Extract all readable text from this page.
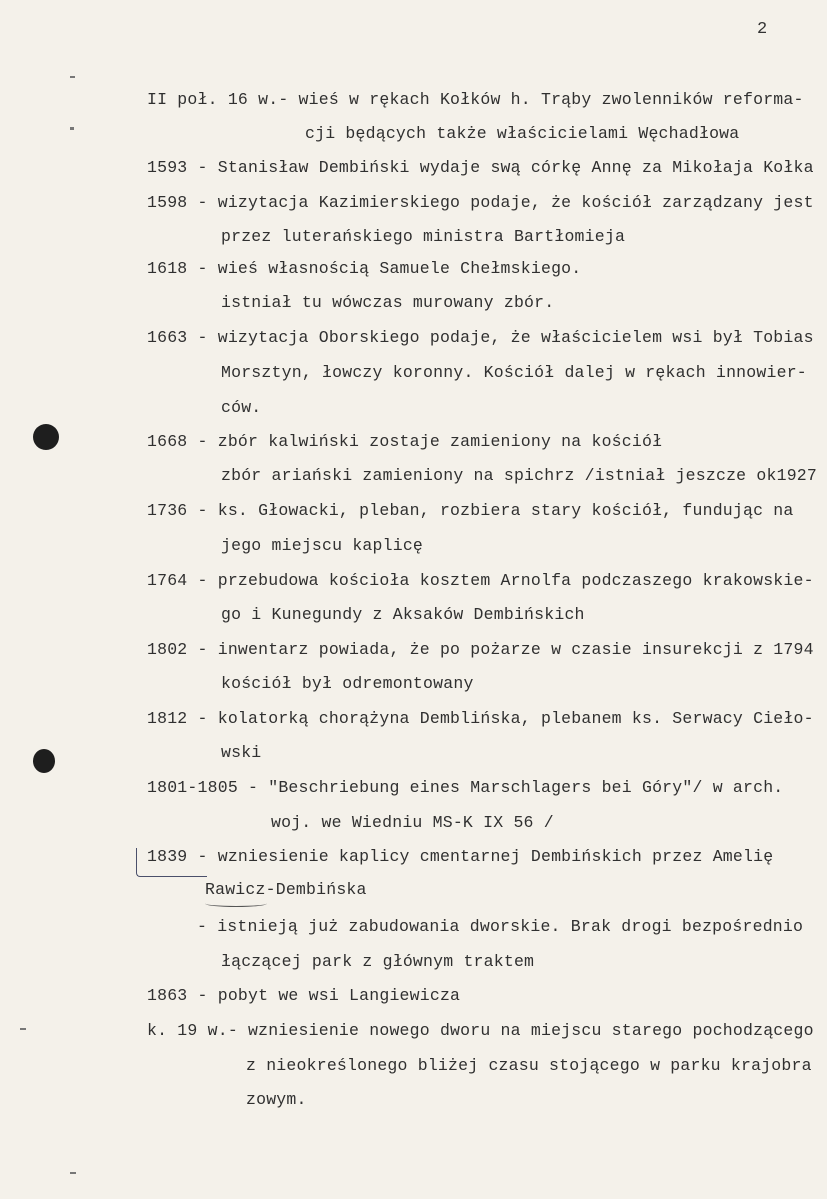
2
II poł. 16 w.- wieś w rękach Kołków h. Trąby zwolenników reforma-
cji będących także właścicielami Węchadłowa
1593 - Stanisław Dembiński wydaje swą córkę Annę za Mikołaja Kołka
1598 - wizytacja Kazimierskiego podaje, że kościół zarządzany jest
przez luterańskiego ministra Bartłomieja
1618 - wieś własnością Samuele Chełmskiego.
istniał tu wówczas murowany zbór.
1663 - wizytacja Oborskiego podaje, że właścicielem wsi był Tobias
Morsztyn, łowczy koronny. Kościół dalej w rękach innowier-
ców.
1668 - zbór kalwiński zostaje zamieniony na kościół
zbór ariański zamieniony na spichrz /istniał jeszcze ok1927
1736 - ks. Głowacki, pleban, rozbiera stary kościół, fundując na
jego miejscu kaplicę
1764 - przebudowa kościoła kosztem Arnolfa podczaszego krakowskie-
go i Kunegundy z Aksaków Dembińskich
1802 - inwentarz powiada, że po pożarze w czasie insurekcji z 1794
kościół był odremontowany
1812 - kolatorką chorążyna Demblińska, plebanem ks. Serwacy Cieło-
wski
1801-1805 - "Beschriebung eines Marschlagers bei Góry"/ w arch.
woj. we Wiedniu MS-K IX 56 /
1839 - wzniesienie kaplicy cmentarnej Dembińskich przez Amelię
Rawicz-Dembińska
- istnieją już zabudowania dworskie. Brak drogi bezpośrednio
łączącej park z głównym traktem
1863 - pobyt we wsi Langiewicza
k. 19 w.- wzniesienie nowego dworu na miejscu starego pochodzącego
z nieokreślonego bliżej czasu stojącego w parku krajobra
zowym.
